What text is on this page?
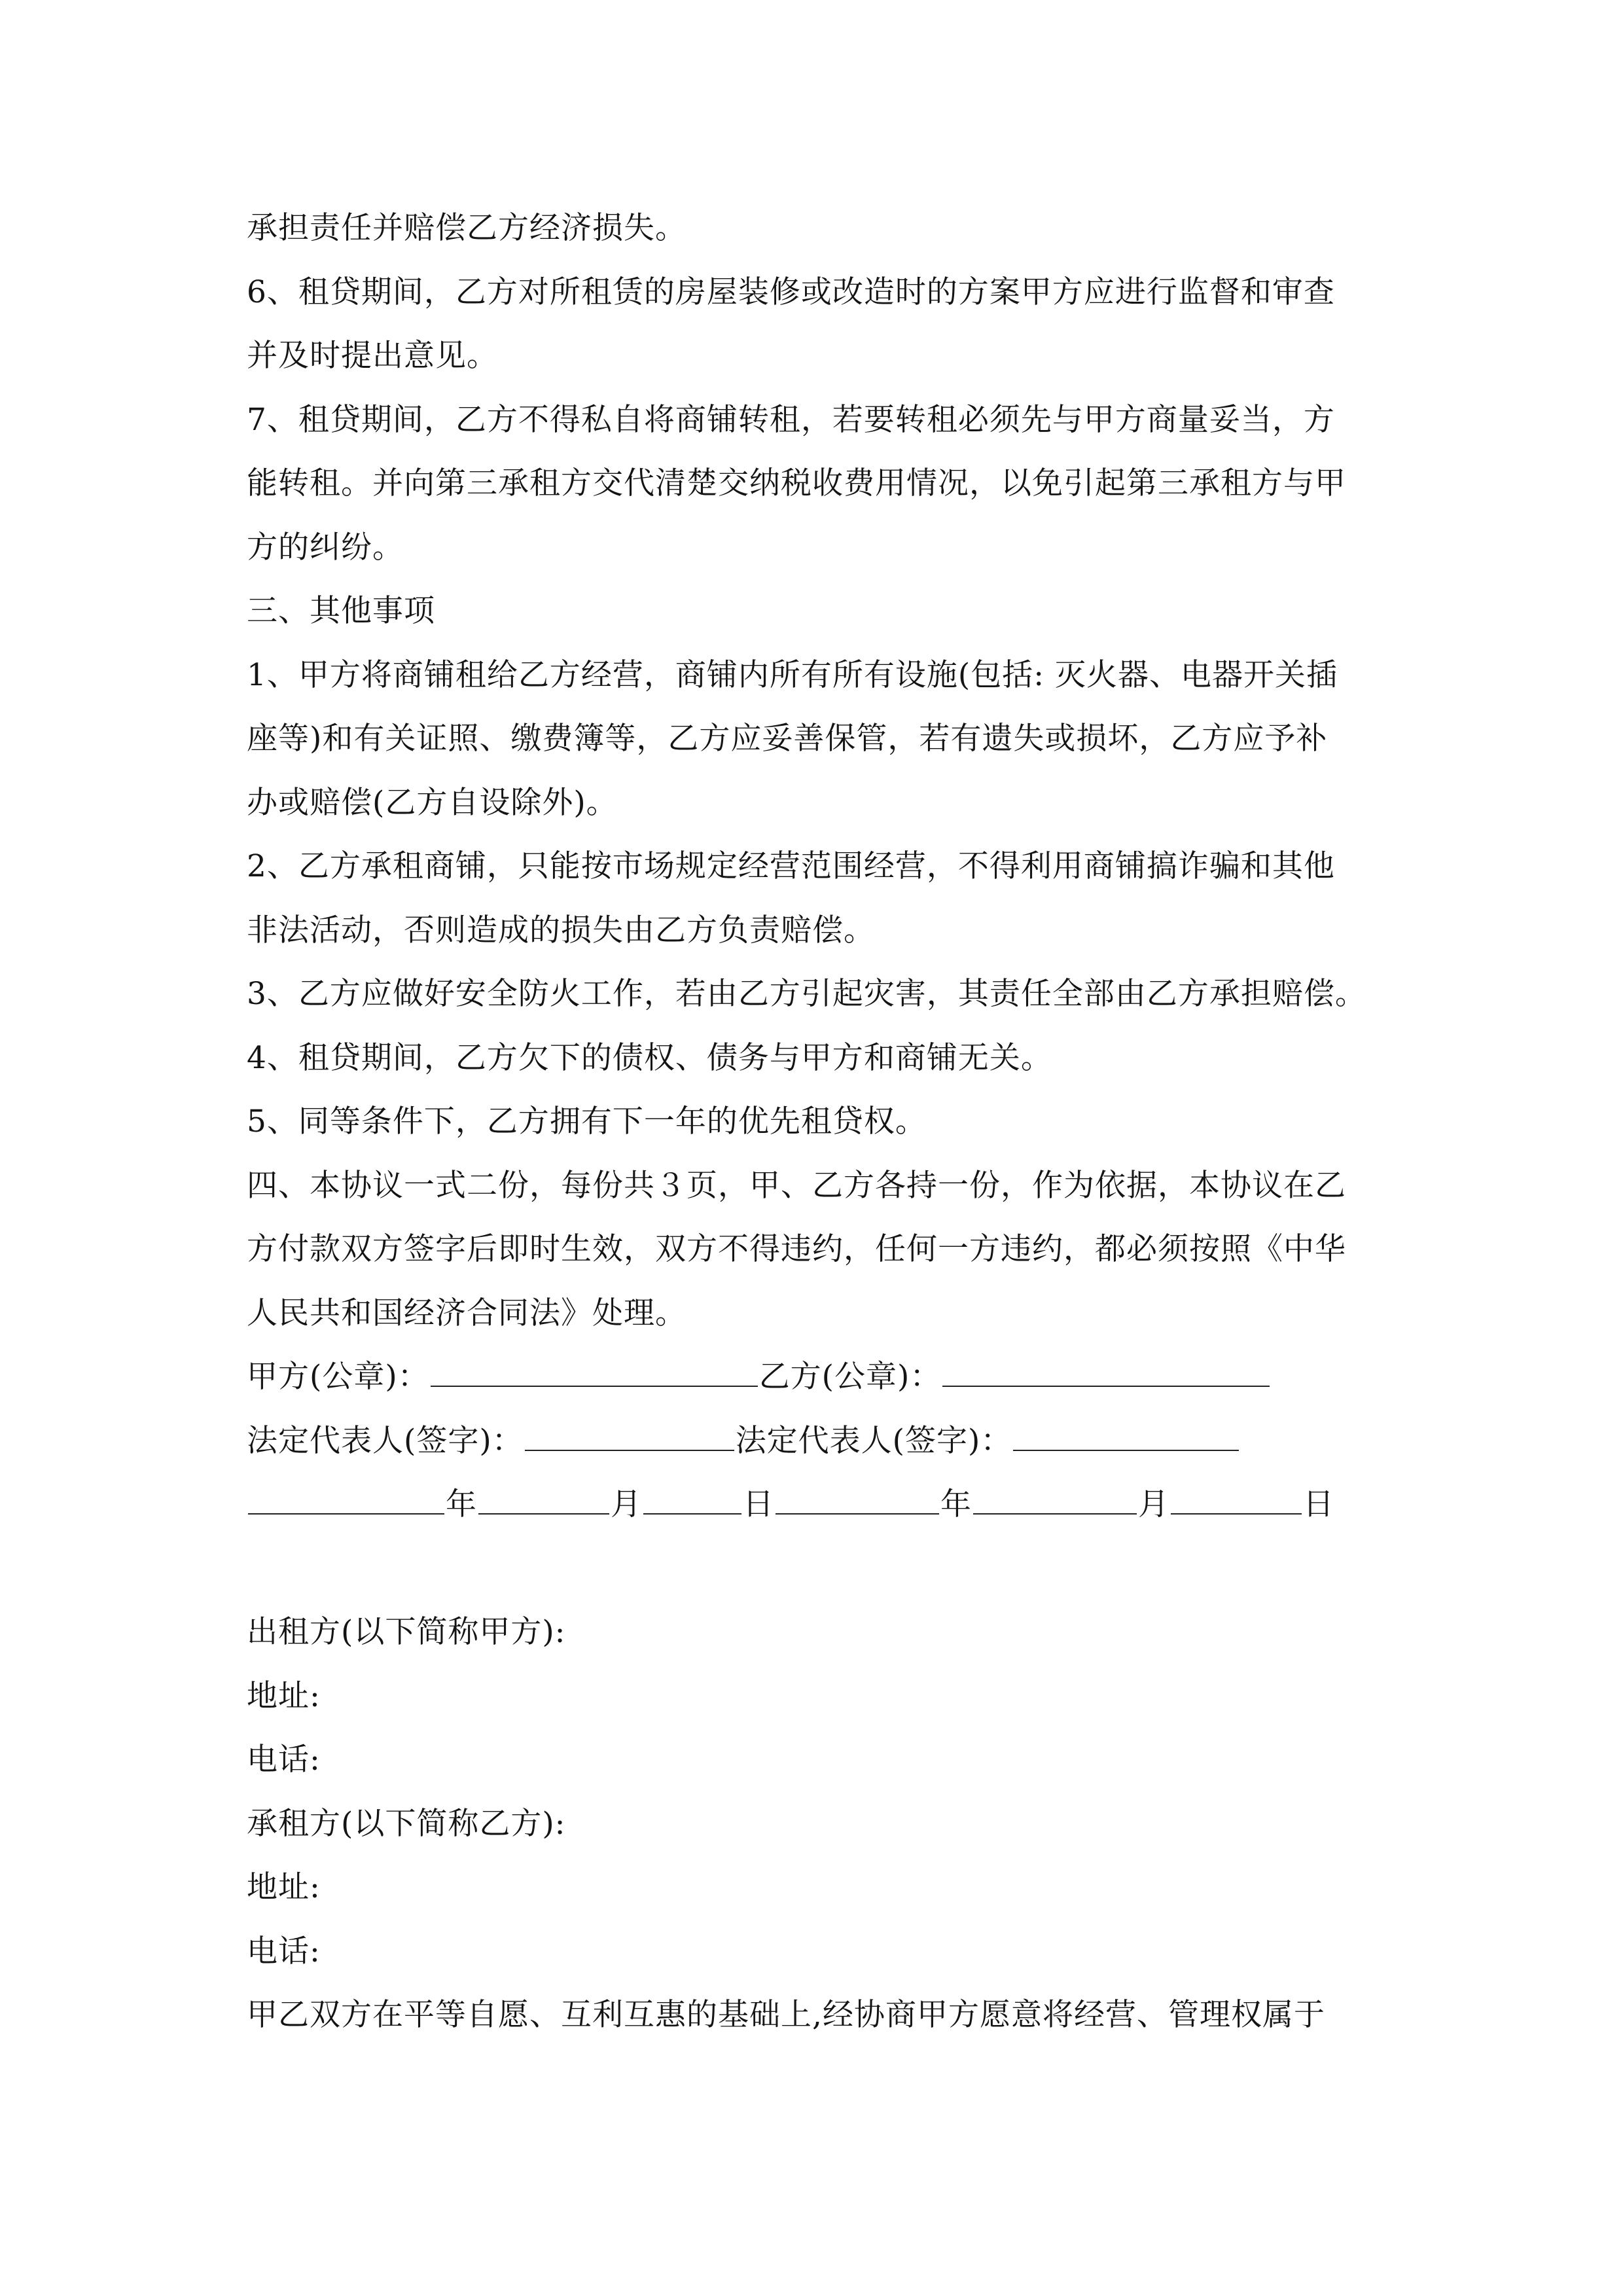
承担责任并赔偿乙方经济损失。
6、租贷期间，乙方对所租赁的房屋装修或改造时的方案甲方应进行监督和审查
并及时提出意见。
7、租贷期间，乙方不得私自将商铺转租，若要转租必须先与甲方商量妥当，方
能转租。并向第三承租方交代清楚交纳税收费用情况，以免引起第三承租方与甲
方的纠纷。
三、其他事项
1、甲方将商铺租给乙方经营，商铺内所有所有设施(包括: 灭火器、电器开关插
座等)和有关证照、缴费簿等，乙方应妥善保管，若有遗失或损坏，乙方应予补
办或赔偿(乙方自设除外)。
2、乙方承租商铺，只能按市场规定经营范围经营，不得利用商铺搞诈骗和其他
非法活动，否则造成的损失由乙方负责赔偿。
3、乙方应做好安全防火工作，若由乙方引起灾害，其责任全部由乙方承担赔偿。
4、租贷期间，乙方欠下的债权、债务与甲方和商铺无关。
5、同等条件下，乙方拥有下一年的优先租贷权。
四、本协议一式二份，每份共３页，甲、乙方各持一份，作为依据，本协议在乙
方付款双方签字后即时生效，双方不得违约，任何一方违约，都必须按照《中华
人民共和国经济合同法》处理。
甲方(公章)：	乙方(公章)：
法定代表人(签字)：	法定代表人(签字)：
年	月	日	年	月	日
出租方(以下简称甲方):
地址:
电话:
承租方(以下简称乙方):
地址:
电话:
甲乙双方在平等自愿、互利互惠的基础上,经协商甲方愿意将经营、管理权属于
